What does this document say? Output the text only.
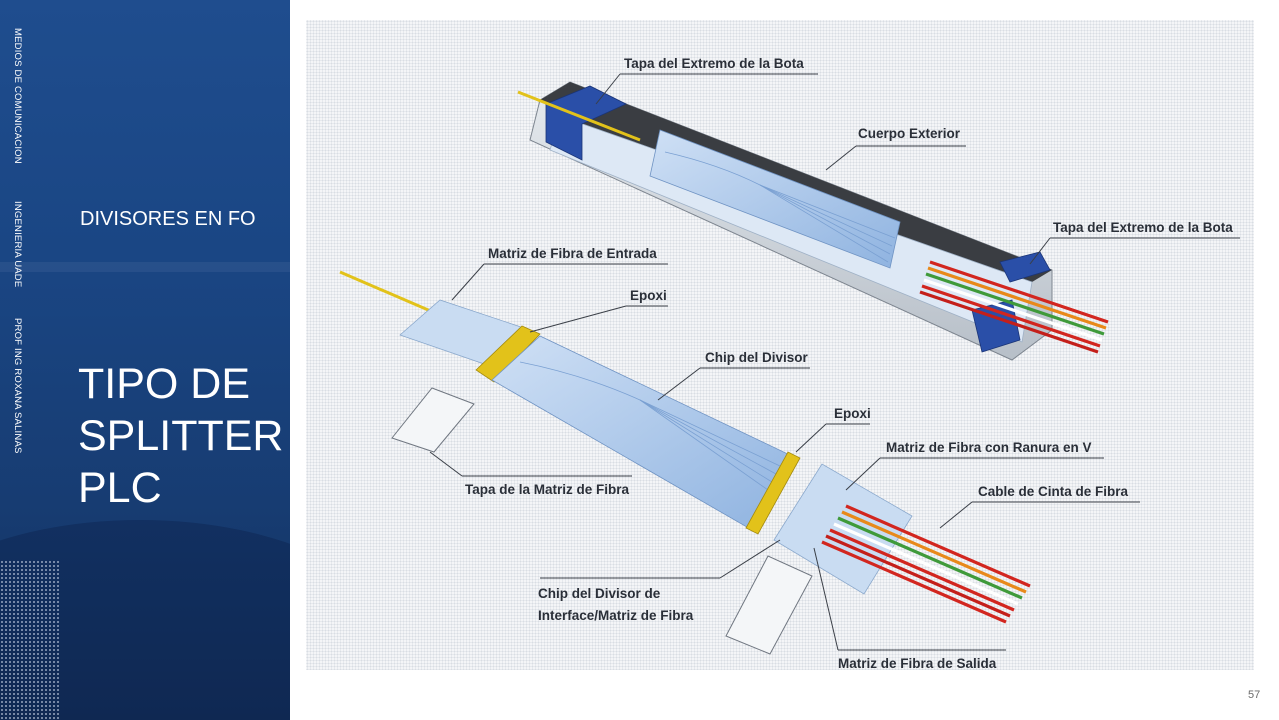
MEDIOS DE COMUNICACION
INGENIERIA UADE
PROF ING ROXANA SALINAS
DIVISORES EN FO
TIPO DE
SPLITTER
PLC
Tapa del Extremo de la Bota
Cuerpo Exterior
Tapa del Extremo de la Bota
Matriz de Fibra de Entrada
Epoxi
Chip del Divisor
Epoxi
Matriz de Fibra con Ranura en V
Cable de Cinta de Fibra
Tapa de la Matriz de Fibra
Chip del Divisor de
Interface/Matriz de Fibra
Matriz de Fibra de Salida
57
